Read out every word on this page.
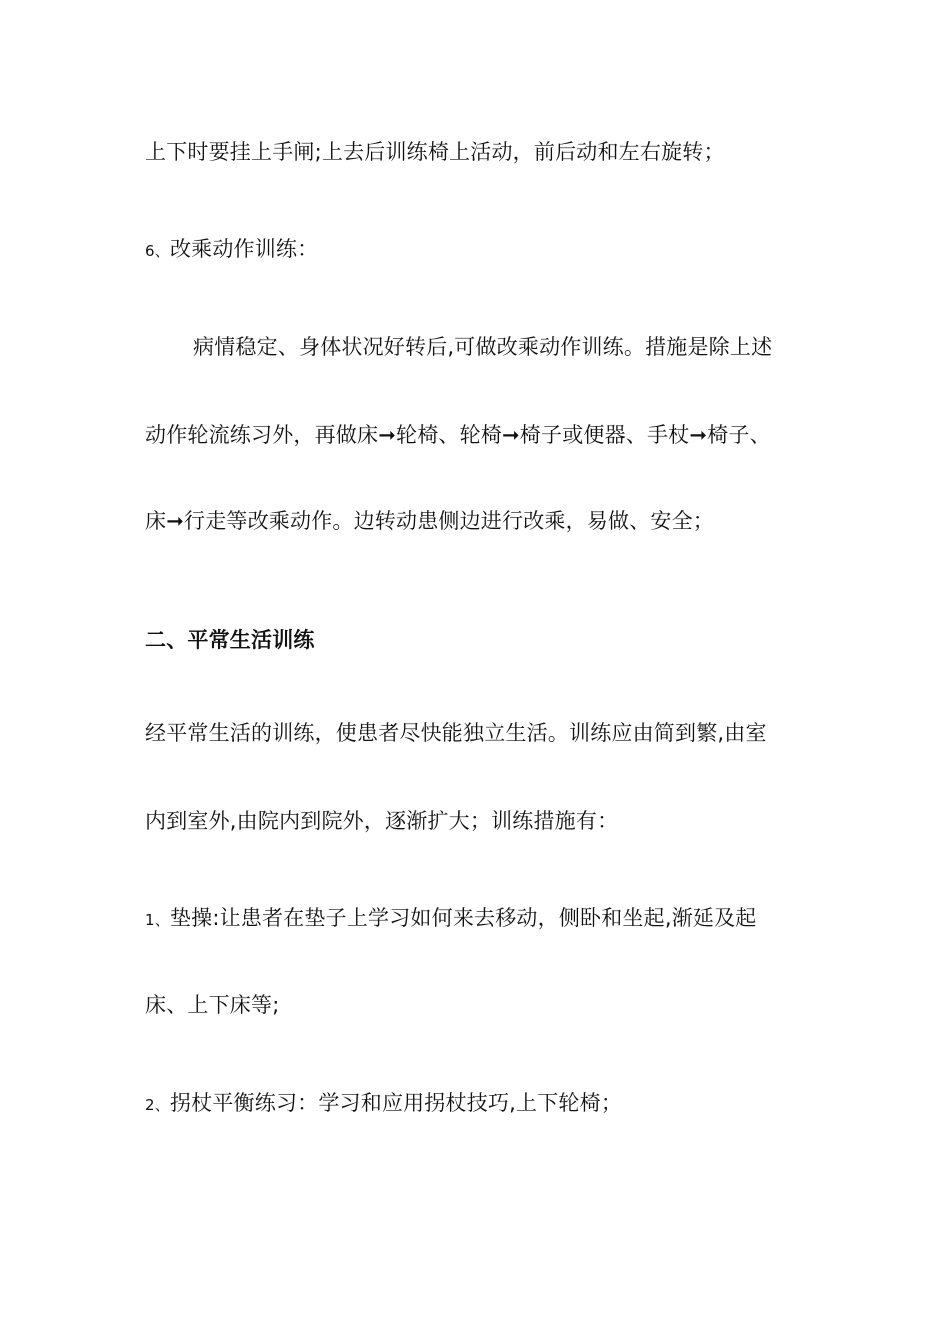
上下时要挂上手闸;上去后训练椅上活动，前后动和左右旋转；
6、改乘动作训练：
病情稳定、身体状况好转后,可做改乘动作训练。措施是除上述
动作轮流练习外，再做床➞轮椅、轮椅➞椅子或便器、手杖➞椅子、
床➞行走等改乘动作。边转动患侧边进行改乘，易做、安全；
二、平常生活训练
经平常生活的训练，使患者尽快能独立生活。训练应由简到繁,由室
内到室外,由院内到院外，逐渐扩大；训练措施有：
1、垫操:让患者在垫子上学习如何来去移动，侧卧和坐起,渐延及起
床、上下床等;
2、拐杖平衡练习：学习和应用拐杖技巧,上下轮椅；
